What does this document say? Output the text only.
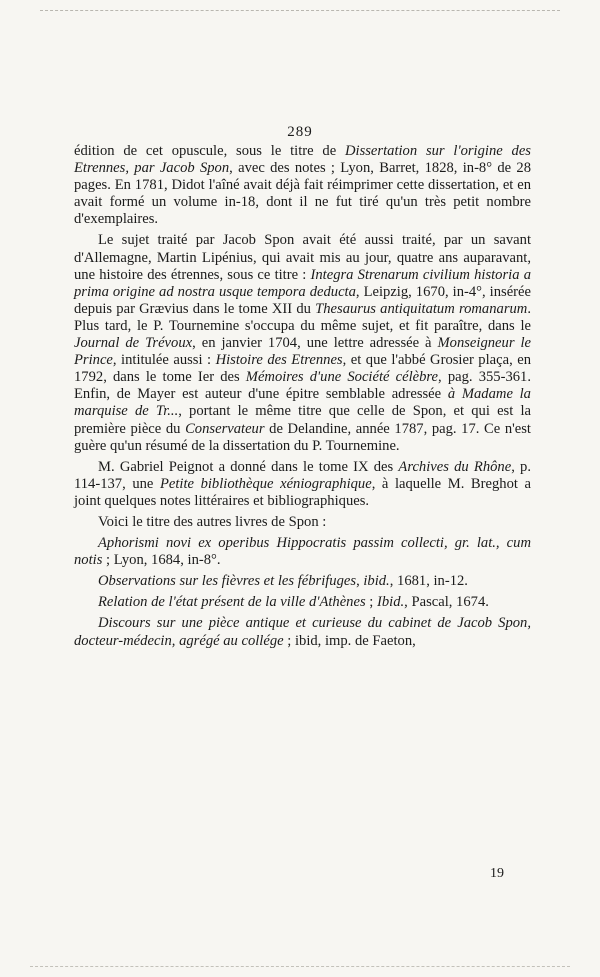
289

édition de cet opuscule, sous le titre de Dissertation sur l'origine des Etrennes, par Jacob Spon, avec des notes ; Lyon, Barret, 1828, in-8° de 28 pages. En 1781, Didot l'aîné avait déjà fait réimprimer cette dissertation, et en avait formé un volume in-18, dont il ne fut tiré qu'un très petit nombre d'exemplaires.

Le sujet traité par Jacob Spon avait été aussi traité, par un savant d'Allemagne, Martin Lipénius, qui avait mis au jour, quatre ans auparavant, une histoire des étrennes, sous ce titre : Integra Strenarum civilium historia a prima origine ad nostra usque tempora deducta, Leipzig, 1670, in-4°, insérée depuis par Grævius dans le tome XII du Thesaurus antiquitatum romanarum. Plus tard, le P. Tournemine s'occupa du même sujet, et fit paraître, dans le Journal de Trévoux, en janvier 1704, une lettre adressée à Monseigneur le Prince, intitulée aussi : Histoire des Etrennes, et que l'abbé Grosier plaça, en 1792, dans le tome Ier des Mémoires d'une Société célèbre, pag. 355-361. Enfin, de Mayer est auteur d'une épitre semblable adressée à Madame la marquise de Tr..., portant le même titre que celle de Spon, et qui est la première pièce du Conservateur de Delandine, année 1787, pag. 17. Ce n'est guère qu'un résumé de la dissertation du P. Tournemine.

M. Gabriel Peignot a donné dans le tome IX des Archives du Rhône, p. 114-137, une Petite bibliothèque xéniographique, à laquelle M. Breghot a joint quelques notes littéraires et bibliographiques.

Voici le titre des autres livres de Spon :

Aphorismi novi ex operibus Hippocratis passim collecti, gr. lat., cum notis ; Lyon, 1684, in-8°.

Observations sur les fièvres et les fébrifuges, ibid., 1681, in-12.

Relation de l'état présent de la ville d'Athènes ; Ibid., Pascal, 1674.

Discours sur une pièce antique et curieuse du cabinet de Jacob Spon, docteur-médecin, agrégé au collége ; ibid, imp. de Faeton,

19
